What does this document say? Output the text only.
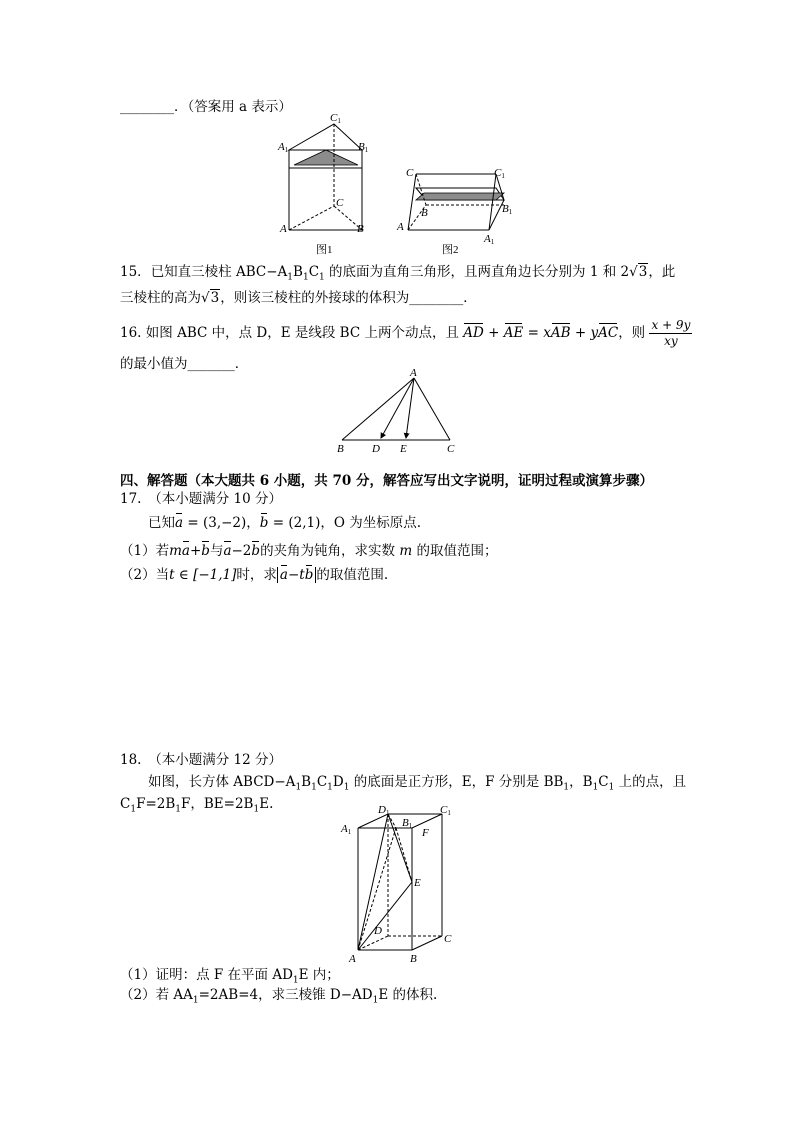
________．（答案用 a 表示）
C1
A1	B1
C
A	B
图1
C	C1
B	B1
A
A1
图2
15．已知直三棱柱 $ABC-A_1B_1C_1$ 的底面为直角三角形，且两直角边长分别为 1 和 2√3，此
三棱柱的高为√3，则该三棱柱的外接球的体积为________．
16. 如图 ABC 中，点 D，E 是线段 BC 上两个动点，且 AD + AE = xAB + yAC，则 $\frac{x + 9y}{xy}$
的最小值为_______．
A
B	D E	C
四、解答题（本大题共 6 小题，共 70 分，解答应写出文字说明，证明过程或演算步骤）
17.　（本小题满分 10 分）
已知a = (3,−2)，b = (2,1)，O 为坐标原点.
（1）若ma+b与a−2b的夹角为钝角，求实数 m 的取值范围；
（2）当t ∈ [−1,1]时，求 a−tb 的取值范围.
18.　（本小题满分 12 分）
如图，长方体 $ABCD-A_1B_1C_1D_1$ 的底面是正方形，E，F 分别是 $BB_1$，$B_1C_1$ 上的点，且
$C_1F=2B_1F$，$BE=2B_1E$.	D1	C1
A1
B1
F
E
D
C
A	B
（1）证明：点 F 在平面 $AD_1E$ 内；
（2）若 $AA_1=2AB=4$，求三棱锥 $D-AD_1E$ 的体积.
